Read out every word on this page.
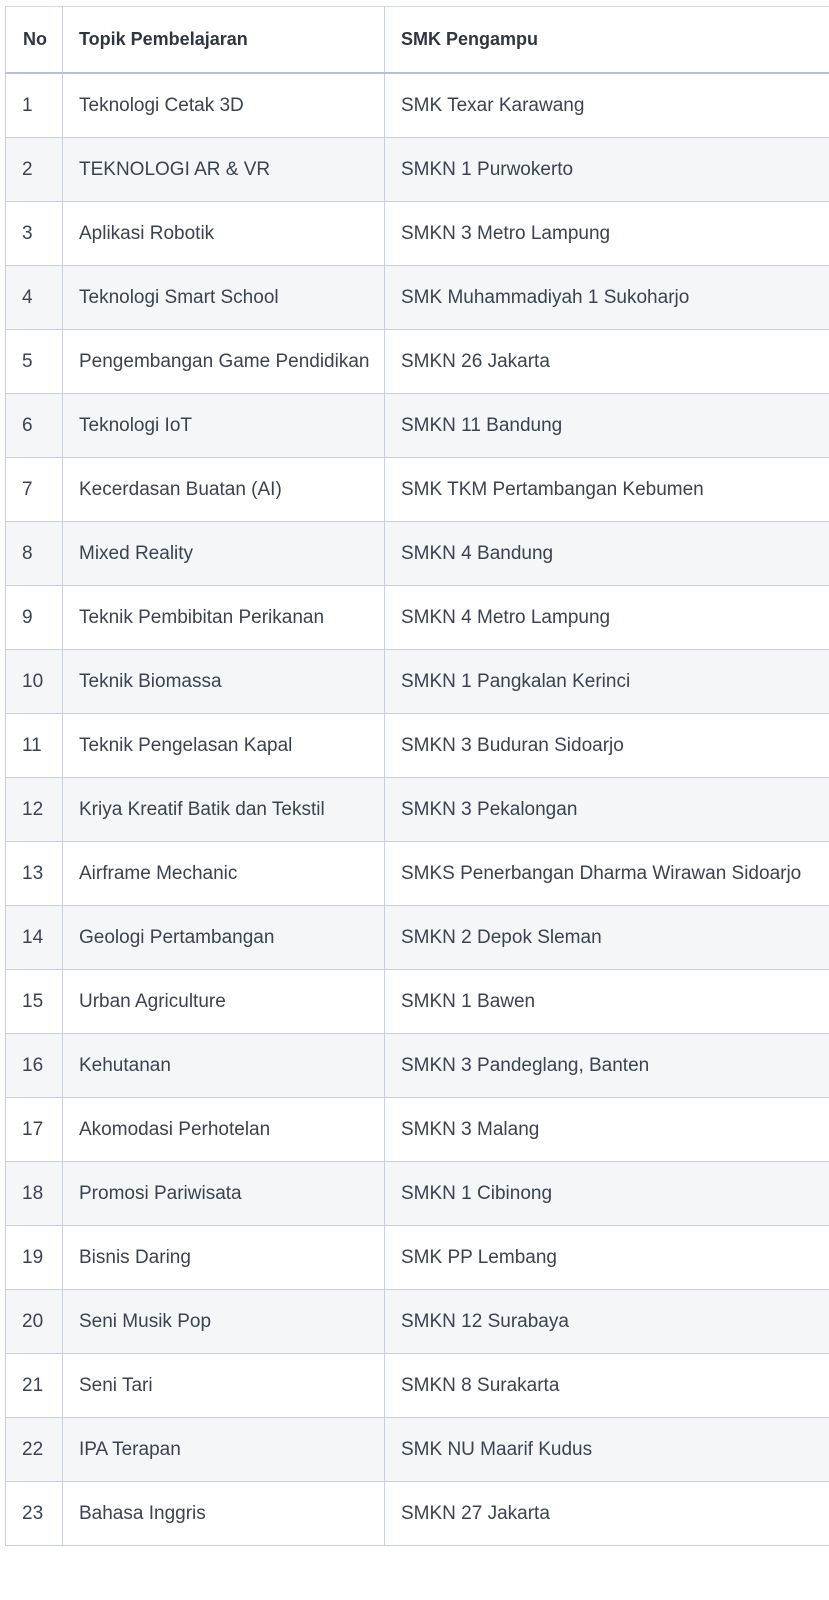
No	Topik Pembelajaran	SMK Pengampu
1	Teknologi Cetak 3D	SMK Texar Karawang
2	TEKNOLOGI AR & VR	SMKN 1 Purwokerto
3	Aplikasi Robotik	SMKN 3 Metro Lampung
4	Teknologi Smart School	SMK Muhammadiyah 1 Sukoharjo
5	Pengembangan Game Pendidikan	SMKN 26 Jakarta
6	Teknologi IoT	SMKN 11 Bandung
7	Kecerdasan Buatan (AI)	SMK TKM Pertambangan Kebumen
8	Mixed Reality	SMKN 4 Bandung
9	Teknik Pembibitan Perikanan	SMKN 4 Metro Lampung
10	Teknik Biomassa	SMKN 1 Pangkalan Kerinci
11	Teknik Pengelasan Kapal	SMKN 3 Buduran Sidoarjo
12	Kriya Kreatif Batik dan Tekstil	SMKN 3 Pekalongan
13	Airframe Mechanic	SMKS Penerbangan Dharma Wirawan Sidoarjo
14	Geologi Pertambangan	SMKN 2 Depok Sleman
15	Urban Agriculture	SMKN 1 Bawen
16	Kehutanan	SMKN 3 Pandeglang, Banten
17	Akomodasi Perhotelan	SMKN 3 Malang
18	Promosi Pariwisata	SMKN 1 Cibinong
19	Bisnis Daring	SMK PP Lembang
20	Seni Musik Pop	SMKN 12 Surabaya
21	Seni Tari	SMKN 8 Surakarta
22	IPA Terapan	SMK NU Maarif Kudus
23	Bahasa Inggris	SMKN 27 Jakarta
